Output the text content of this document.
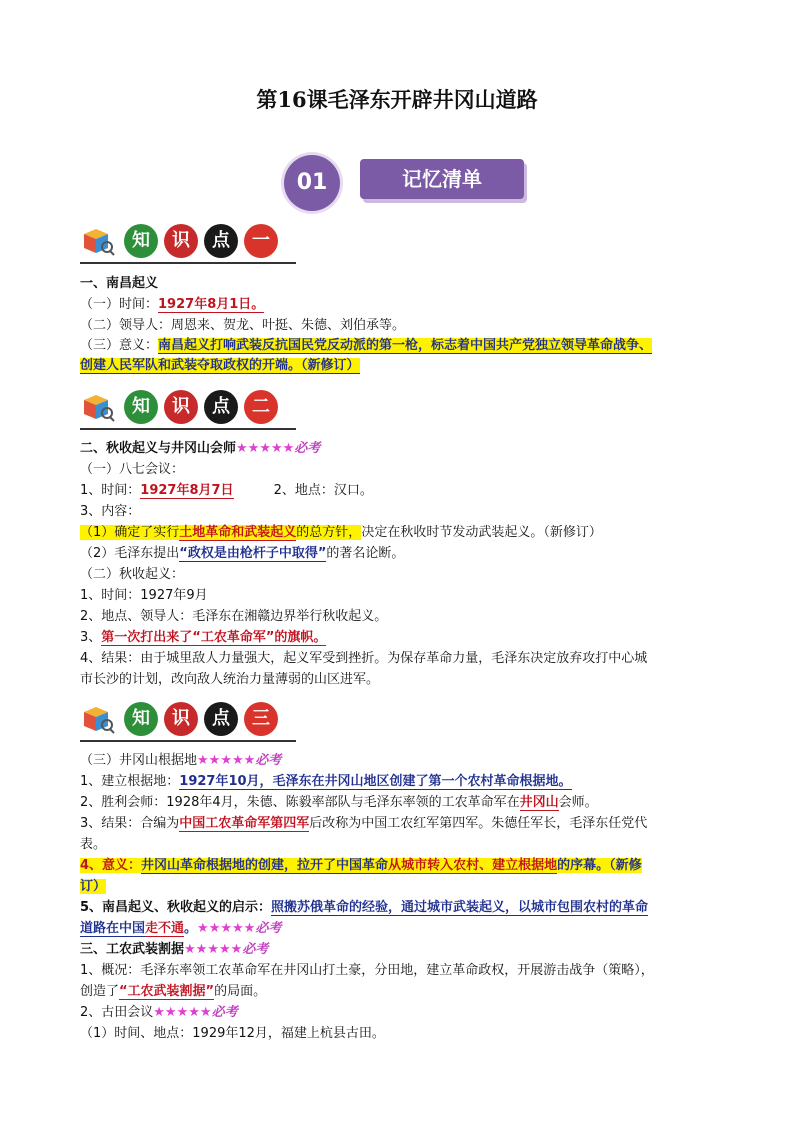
第16课毛泽东开辟井冈山道路
01	记忆清单
知	识	点	一
一、南昌起义
（一）时间：1927年8月1日。
（二）领导人：周恩来、贺龙、叶挺、朱德、刘伯承等。
（三）意义：南昌起义打响武装反抗国民党反动派的第一枪，标志着中国共产党独立领导革命战争、
创建人民军队和武装夺取政权的开端。（新修订）
知	识	点	二
二、秋收起义与井冈山会师★★★★★必考
（一）八七会议：
1、时间：1927年8月7日	2、地点：汉口。
3、内容：
（1）确定了实行土地革命和武装起义的总方针，决定在秋收时节发动武装起义。（新修订）
（2）毛泽东提出“政权是由枪杆子中取得”的著名论断。
（二）秋收起义：
1、时间：1927年9月
2、地点、领导人：毛泽东在湘赣边界举行秋收起义。
3、第一次打出来了“工农革命军”的旗帜。
4、结果：由于城里敌人力量强大，起义军受到挫折。为保存革命力量，毛泽东决定放弃攻打中心城
市长沙的计划，改向敌人统治力量薄弱的山区进军。
知	识	点	三
（三）井冈山根据地★★★★★必考
1、建立根据地：1927年10月，毛泽东在井冈山地区创建了第一个农村革命根据地。
2、胜利会师：1928年4月，朱德、陈毅率部队与毛泽东率领的工农革命军在井冈山会师。
3、结果：合编为中国工农革命军第四军后改称为中国工农红军第四军。朱德任军长，毛泽东任党代
表。
4、意义：井冈山革命根据地的创建，拉开了中国革命从城市转入农村、建立根据地的序幕。（新修
订）
5、南昌起义、秋收起义的启示：照搬苏俄革命的经验，通过城市武装起义，以城市包围农村的革命
道路在中国走不通。★★★★★必考
三、工农武装割据★★★★★必考
1、概况：毛泽东率领工农革命军在井冈山打土豪，分田地，建立革命政权，开展游击战争（策略），
创造了“工农武装割据”的局面。
2、古田会议★★★★★必考
（1）时间、地点：1929年12月，福建上杭县古田。
